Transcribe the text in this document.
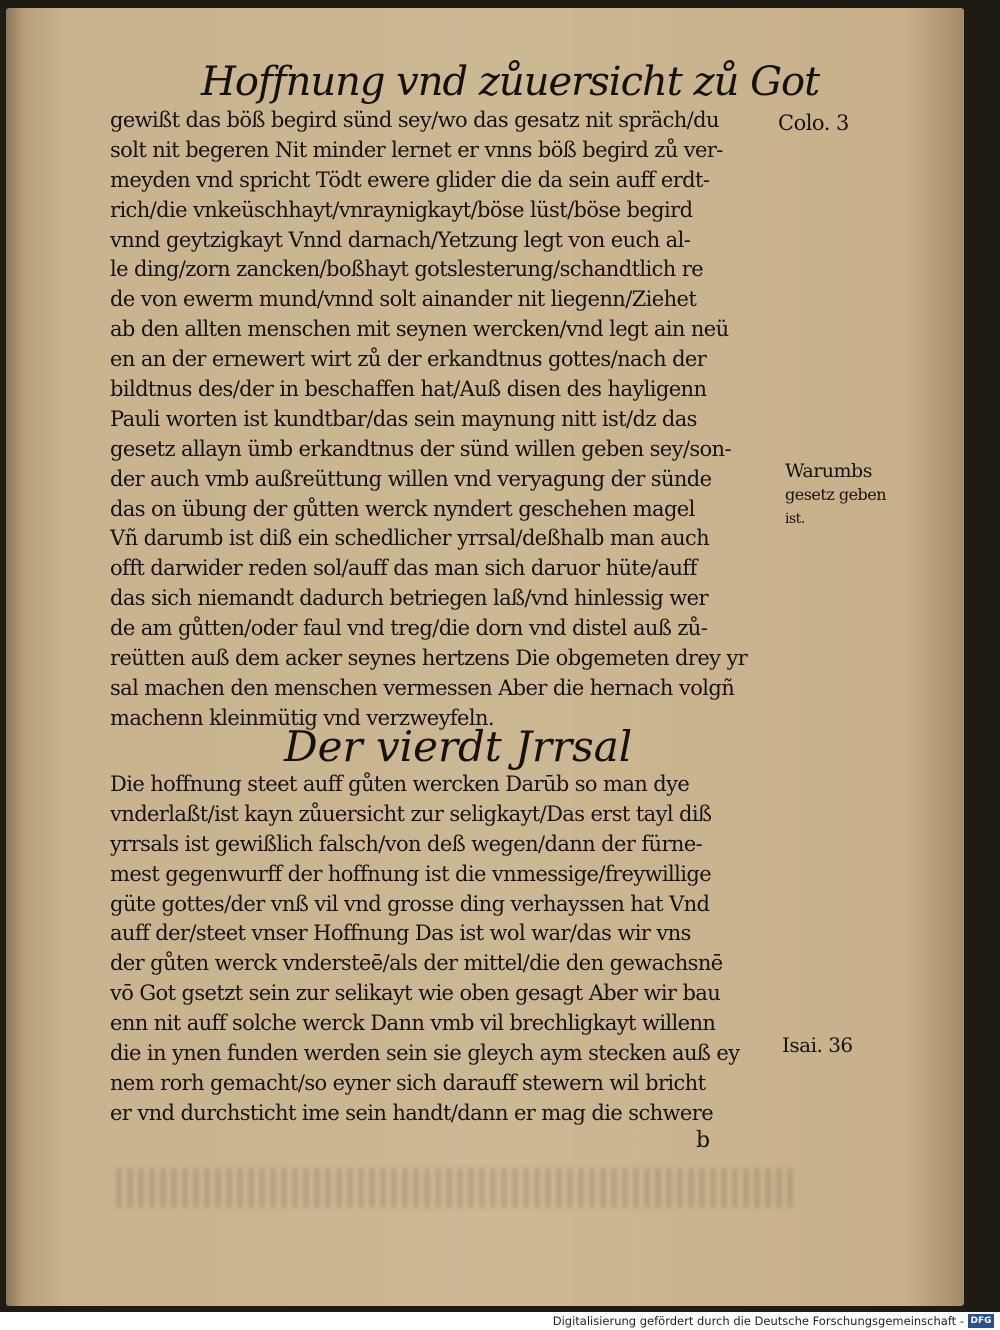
Hoffnung vnd zůuersicht zů Got
gewißt das böß begird sünd sey/wo das gesatz nit spräch/du
solt nit begeren Nit minder lernet er vnns böß begird zů ver-
meyden vnd spricht Tödt ewere glider die da sein auff erdt-
rich/die vnkeüschhayt/vnraynigkayt/böse lüst/böse begird
vnnd geytzigkayt Vnnd darnach/Yetzung legt von euch al-
le ding/zorn zancken/boßhayt gotslesterung/schandtlich re
de von ewerm mund/vnnd solt ainander nit liegenn/Ziehet
ab den allten menschen mit seynen wercken/vnd legt ain neü
en an der ernewert wirt zů der erkandtnus gottes/nach der
bildtnus des/der in beschaffen hat/Auß disen des hayligenn
Pauli worten ist kundtbar/das sein maynung nitt ist/dz das
gesetz allayn ümb erkandtnus der sünd willen geben sey/son-
der auch vmb außreüttung willen vnd veryagung der sünde
das on übung der gůtten werck nyndert geschehen magel
Vñ darumb ist diß ein schedlicher yrrsal/deßhalb man auch
offt darwider reden sol/auff das man sich daruor hüte/auff
das sich niemandt dadurch betriegen laß/vnd hinlessig wer
de am gůtten/oder faul vnd treg/die dorn vnd distel auß zů-
reütten auß dem acker seynes hertzens Die obgemeten drey yr
sal machen den menschen vermessen Aber die hernach volgñ
machenn kleinmütig vnd verzweyfeln.
Der vierdt Jrrsal
Die hoffnung steet auff gůten wercken Darūb so man dye
vnderlaßt/ist kayn zůuersicht zur seligkayt/Das erst tayl diß
yrrsals ist gewißlich falsch/von deß wegen/dann der fürne-
mest gegenwurff der hoffnung ist die vnmessige/freywillige
güte gottes/der vnß vil vnd grosse ding verhayssen hat Vnd
auff der/steet vnser Hoffnung Das ist wol war/das wir vns
der gůten werck vndersteē/als der mittel/die den gewachsnē
vō Got gsetzt sein zur selikayt wie oben gesagt Aber wir bau
enn nit auff solche werck Dann vmb vil brechligkayt willenn
die in ynen funden werden sein sie gleych aym stecken auß ey
nem rorh gemacht/so eyner sich darauff stewern wil bricht
er vnd durchsticht ime sein handt/dann er mag die schwere
Colo. 3
Warumbs
gesetz geben
ist.
Isai. 36
b
Digitalisierung gefördert durch die Deutsche Forschungsgemeinschaft - DFG
